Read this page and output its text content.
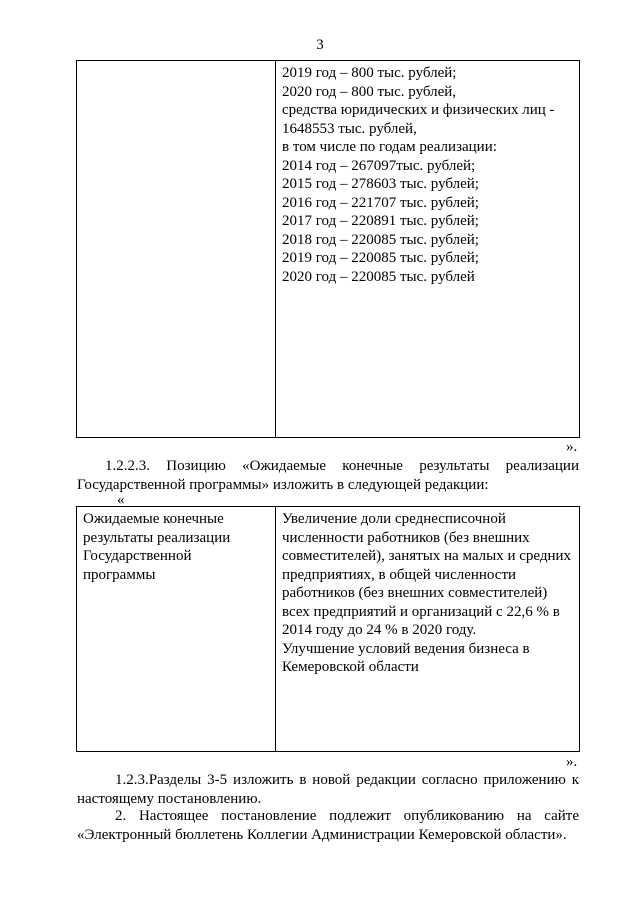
3
2019 год – 800 тыс. рублей;
2020 год – 800 тыс. рублей,
средства юридических и физических лиц -
1648553 тыс. рублей,
в том числе по годам реализации:
2014 год – 267097тыс. рублей;
2015 год – 278603 тыс. рублей;
2016 год – 221707 тыс. рублей;
2017 год – 220891 тыс. рублей;
2018 год – 220085 тыс. рублей;
2019 год – 220085 тыс. рублей;
2020 год – 220085 тыс. рублей
».
1.2.2.3. Позицию «Ожидаемые конечные результаты реализации
Государственной программы» изложить в следующей редакции:
«
Ожидаемые конечные
результаты реализации
Государственной
программы
Увеличение доли среднесписочной
численности работников (без внешних
совместителей), занятых на малых и средних
предприятиях, в общей численности
работников (без внешних совместителей)
всех предприятий и организаций с 22,6 % в
2014 году до 24 % в 2020 году.
Улучшение условий ведения бизнеса в
Кемеровской области
».
1.2.3.Разделы 3-5 изложить в новой редакции согласно приложению к
настоящему постановлению.
2. Настоящее постановление подлежит опубликованию на сайте
«Электронный бюллетень Коллегии Администрации Кемеровской области».
